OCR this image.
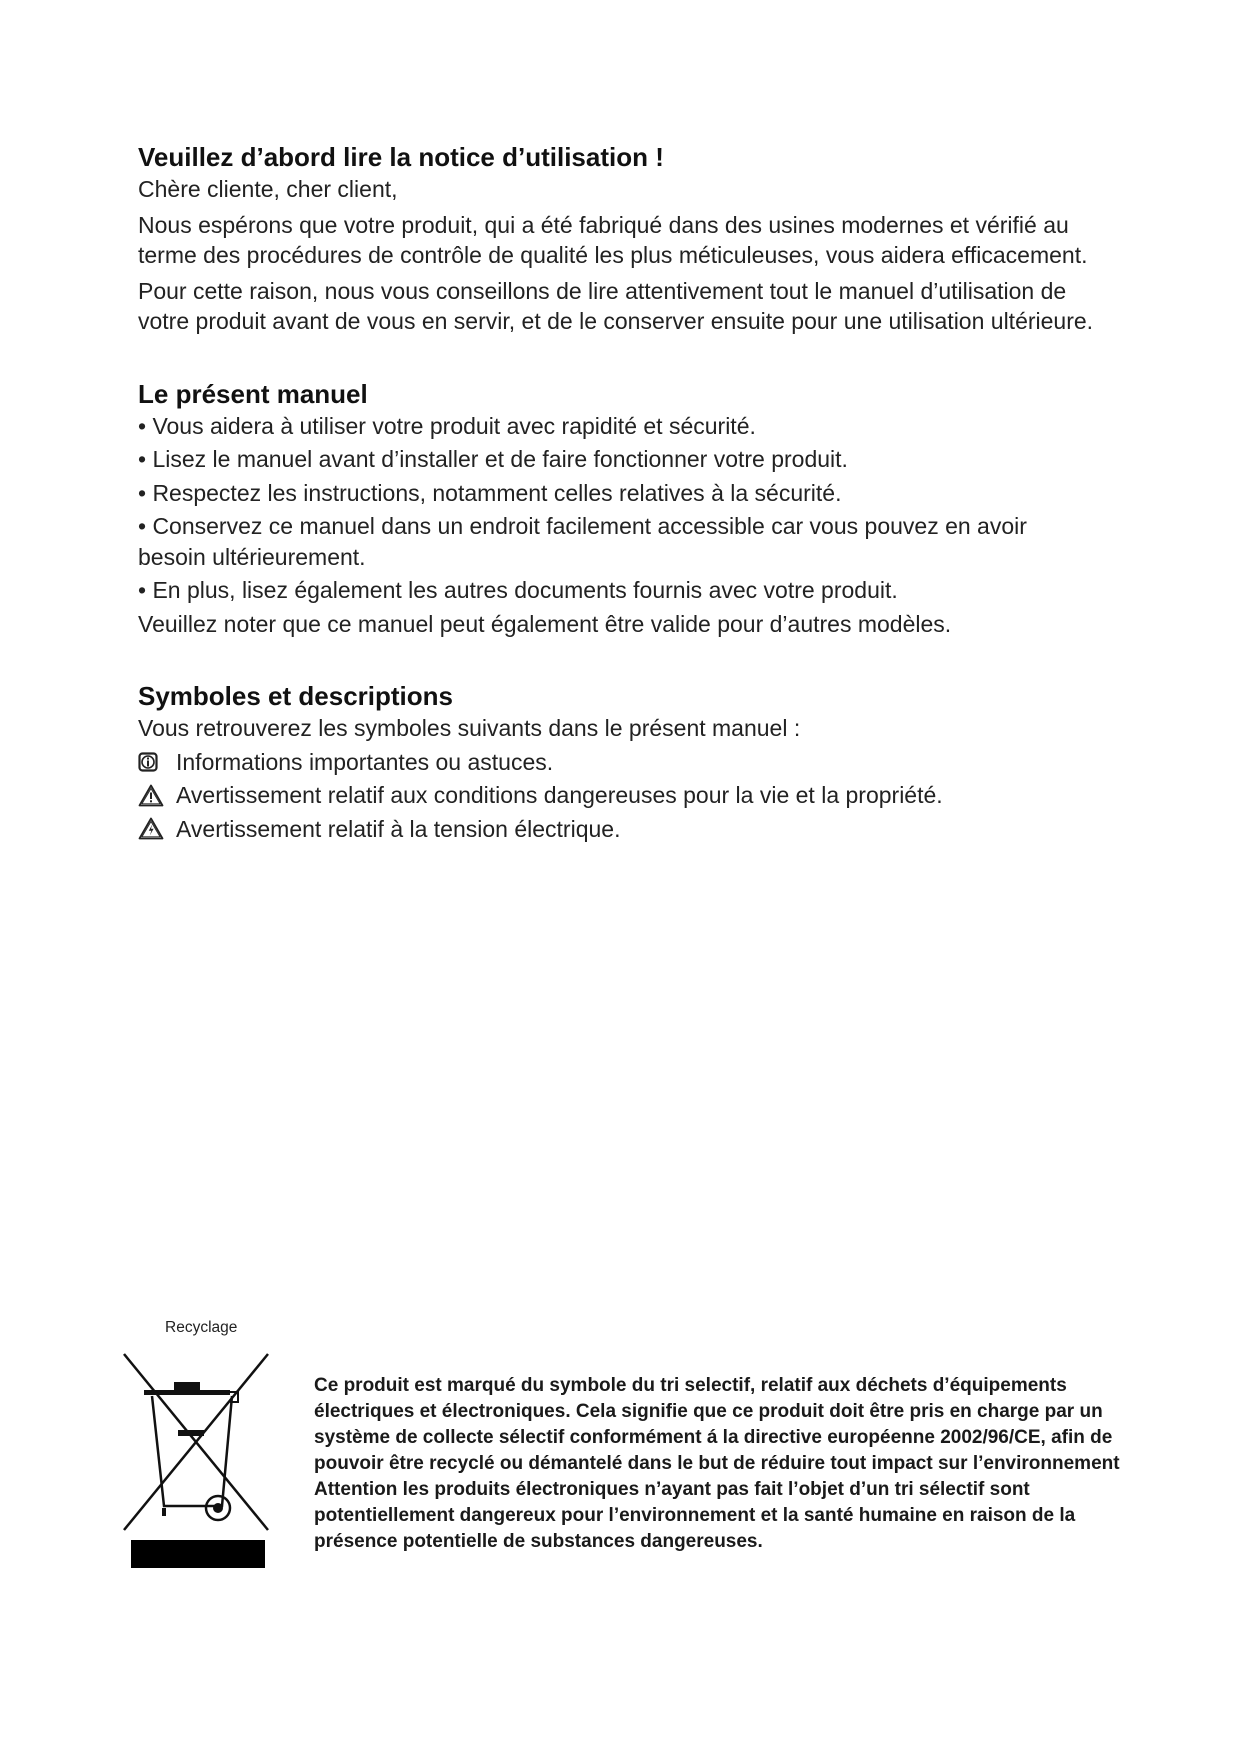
Veuillez d’abord lire la notice d’utilisation !

Chère cliente, cher client,

Nous espérons que votre produit, qui a été fabriqué dans des usines modernes et vérifié au terme des procédures de contrôle de qualité les plus méticuleuses, vous aidera efficacement.

Pour cette raison, nous vous conseillons de lire attentivement tout le manuel d’utilisation de votre produit avant de vous en servir, et de le conserver ensuite pour une utilisation ultérieure.

Le présent manuel

• Vous aidera à utiliser votre produit avec rapidité et sécurité.

• Lisez le manuel avant d’installer et de faire fonctionner votre produit.

• Respectez les instructions, notamment celles relatives à la sécurité.

• Conservez ce manuel dans un endroit facilement accessible car vous pouvez en avoir besoin ultérieurement.

• En plus, lisez également les autres documents fournis avec votre produit.

Veuillez noter que ce manuel peut également être valide pour d’autres modèles.

Symboles et descriptions

Vous retrouverez les symboles suivants dans le présent manuel :

Informations importantes ou astuces.
Avertissement relatif aux conditions dangereuses pour la vie et la propriété.
Avertissement relatif à la tension électrique.
Recyclage

Ce produit est marqué du symbole du tri selectif, relatif aux déchets d’équipements électriques et électroniques. Cela signifie que ce produit doit être pris en charge par un système de collecte sélectif conformément á la directive européenne 2002/96/CE, afin de pouvoir être recyclé ou démantelé dans le but de réduire tout impact sur l’environnement Attention les produits électroniques n’ayant pas fait l’objet d’un tri sélectif sont potentiellement dangereux pour l’environnement et la santé humaine en raison de la présence potentielle de substances dangereuses.
